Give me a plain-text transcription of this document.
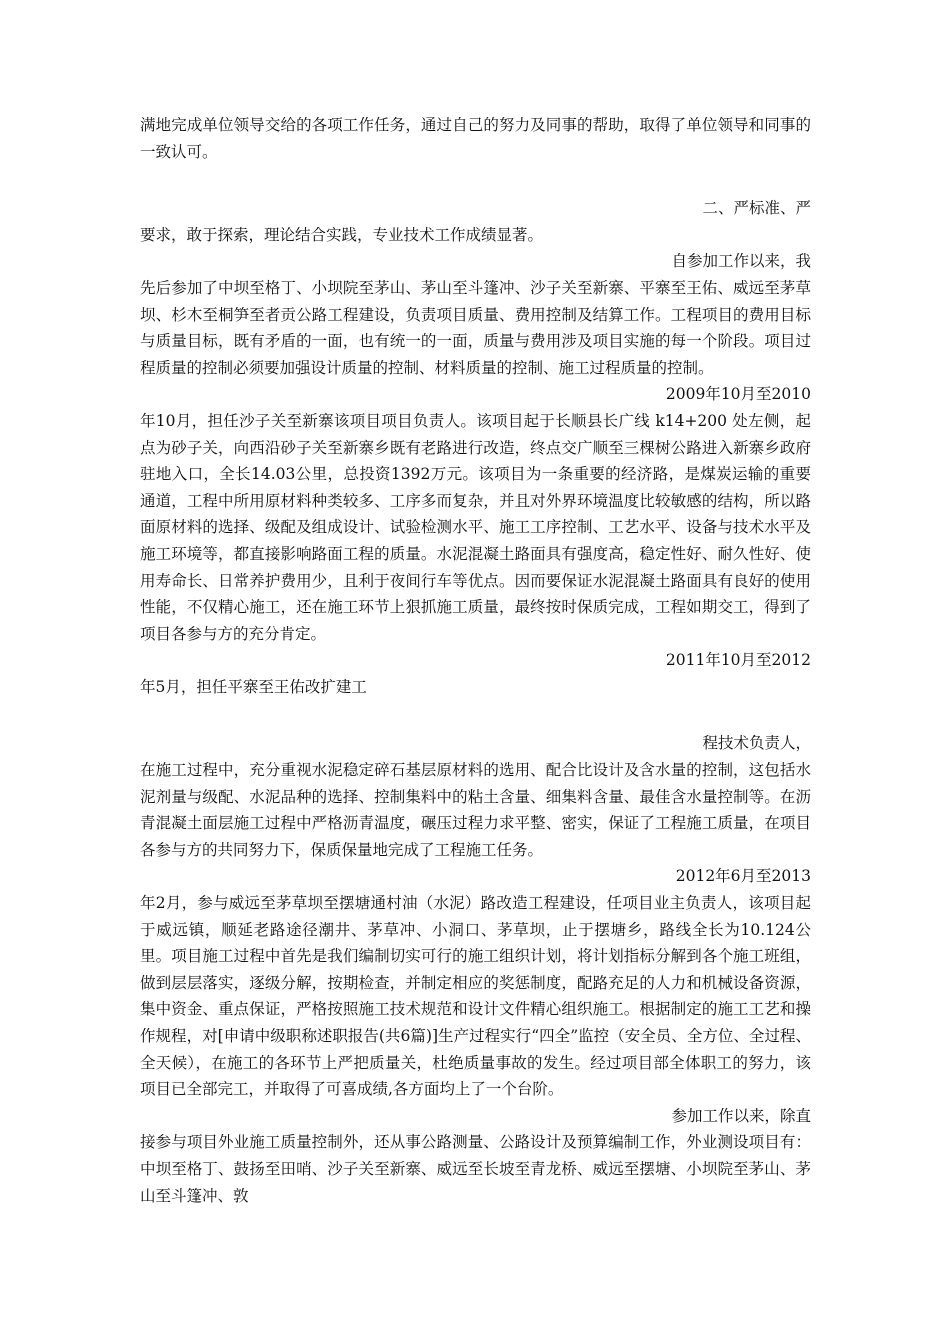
满地完成单位领导交给的各项工作任务，通过自己的努力及同事的帮助，取得了单位领导和同事的一致认可。

二、严标准、严

要求，敢于探索，理论结合实践，专业技术工作成绩显著。

自参加工作以来，我

先后参加了中坝至格丁、小坝院至茅山、茅山至斗篷冲、沙子关至新寨、平寨至王佑、威远至茅草坝、杉木至桐笋至者贡公路工程建设，负责项目质量、费用控制及结算工作。工程项目的费用目标与质量目标，既有矛盾的一面，也有统一的一面，质量与费用涉及项目实施的每一个阶段。项目过程质量的控制必须要加强设计质量的控制、材料质量的控制、施工过程质量的控制。

2009年10月至2010

年10月，担任沙子关至新寨该项目项目负责人。该项目起于长顺县长广线 k14+200 处左侧，起点为砂子关，向西沿砂子关至新寨乡既有老路进行改造，终点交广顺至三棵树公路进入新寨乡政府驻地入口，全长14.03公里，总投资1392万元。该项目为一条重要的经济路，是煤炭运输的重要通道，工程中所用原材料种类较多、工序多而复杂，并且对外界环境温度比较敏感的结构，所以路面原材料的选择、级配及组成设计、试验检测水平、施工工序控制、工艺水平、设备与技术水平及施工环境等，都直接影响路面工程的质量。水泥混凝土路面具有强度高，稳定性好、耐久性好、使用寿命长、日常养护费用少，且利于夜间行车等优点。因而要保证水泥混凝土路面具有良好的使用性能，不仅精心施工，还在施工环节上狠抓施工质量，最终按时保质完成，工程如期交工，得到了项目各参与方的充分肯定。

2011年10月至2012

年5月，担任平寨至王佑改扩建工

程技术负责人，

在施工过程中，充分重视水泥稳定碎石基层原材料的选用、配合比设计及含水量的控制，这包括水泥剂量与级配、水泥品种的选择、控制集料中的粘土含量、细集料含量、最佳含水量控制等。在沥青混凝土面层施工过程中严格沥青温度，碾压过程力求平整、密实，保证了工程施工质量，在项目各参与方的共同努力下，保质保量地完成了工程施工任务。

2012年6月至2013

年2月，参与威远至茅草坝至摆塘通村油（水泥）路改造工程建设，任项目业主负责人，该项目起于威远镇，顺延老路途径潮井、茅草冲、小洞口、茅草坝，止于摆塘乡，路线全长为10.124公里。项目施工过程中首先是我们编制切实可行的施工组织计划，将计划指标分解到各个施工班组，做到层层落实，逐级分解，按期检查，并制定相应的奖惩制度，配路充足的人力和机械设备资源，集中资金、重点保证，严格按照施工技术规范和设计文件精心组织施工。根据制定的施工工艺和操作规程，对[申请中级职称述职报告(共6篇)]生产过程实行“四全”监控（安全员、全方位、全过程、全天候），在施工的各环节上严把质量关，杜绝质量事故的发生。经过项目部全体职工的努力，该项目已全部完工，并取得了可喜成绩,各方面均上了一个台阶。

参加工作以来，除直

接参与项目外业施工质量控制外，还从事公路测量、公路设计及预算编制工作，外业测设项目有：中坝至格丁、鼓扬至田哨、沙子关至新寨、威远至长坡至青龙桥、威远至摆塘、小坝院至茅山、茅山至斗篷冲、敦
